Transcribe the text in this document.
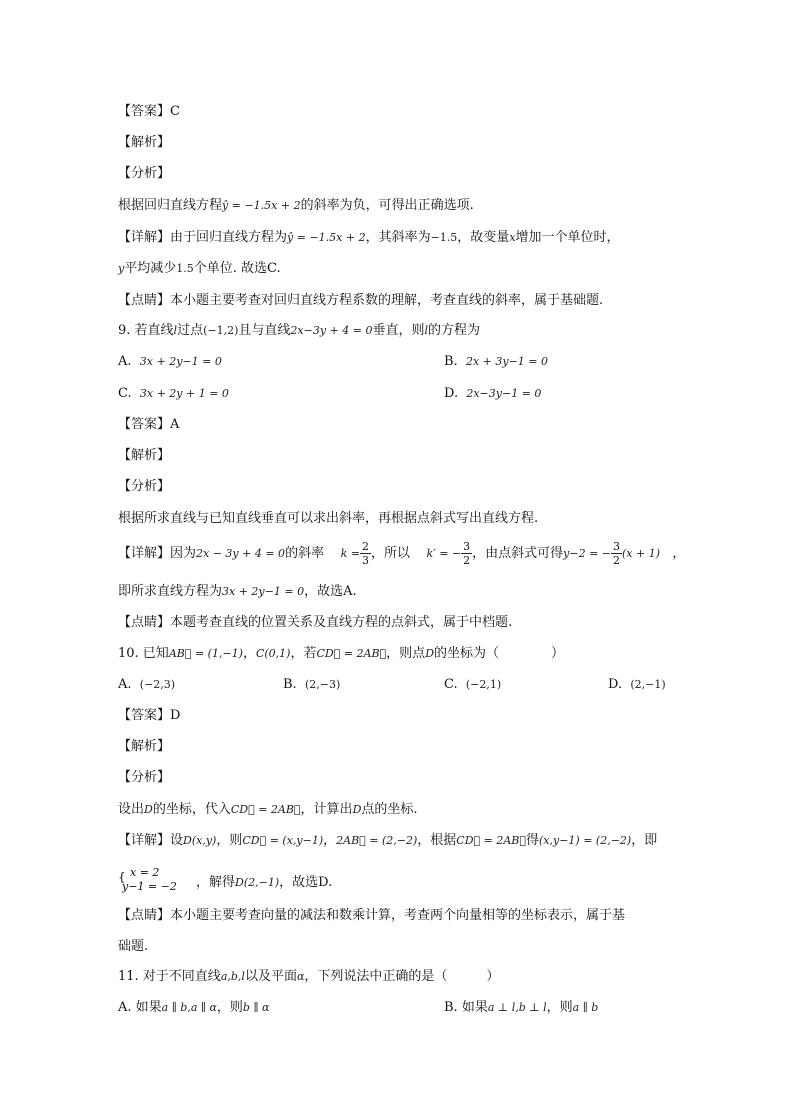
【答案】C
【解析】
【分析】
根据回归直线方程ŷ = −1.5x + 2的斜率为负，可得出正确选项.
【详解】由于回归直线方程为ŷ = −1.5x + 2，其斜率为−1.5，故变量x增加一个单位时，
y平均减少1.5个单位. 故选C.
【点睛】本小题主要考查对回归直线方程系数的理解，考查直线的斜率，属于基础题.
9. 若直线l过点(−1,2)且与直线2x−3y + 4 = 0垂直，则l的方程为
A. 3x + 2y−1 = 0	B. 2x + 3y−1 = 0
C. 3x + 2y + 1 = 0	D. 2x−3y−1 = 0
【答案】A
【解析】
【分析】
根据所求直线与已知直线垂直可以求出斜率，再根据点斜式写出直线方程.
【详解】因为2x − 3y + 4 = 0的斜率 $k = \frac{2}{3}$ ，所以 k′ = − $\frac{3}{2}$ ，由点斜式可得y−2 = − $\frac{3}{2} (x + 1)$ ，
即所求直线方程为3x + 2y−1 = 0，故选A.
【点睛】本题考查直线的位置关系及直线方程的点斜式，属于中档题.
10. 已知AB⃗ = (1,−1)，C(0,1)，若CD⃗ = 2AB⃗，则点D的坐标为（　　　　）
A. (−2,3)	B. (2,−3)	C. (−2,1)	D. (2,−1)
【答案】D
【解析】
【分析】
设出D的坐标，代入CD⃗ = 2AB⃗，计算出D点的坐标.
【详解】设D(x,y)，则CD⃗ = (x,y−1)，2AB⃗ = (2,−2)，根据CD⃗ = 2AB⃗得(x,y−1) = (2,−2)，即
{ x = 2
y−1 = −2 ，解得D(2,−1)，故选D.
【点睛】本小题主要考查向量的减法和数乘计算，考查两个向量相等的坐标表示，属于基
础题.
11. 对于不同直线a,b,l以及平面α，下列说法中正确的是（　　　）
A. 如果a ∥ b,a ∥ α，则b ∥ α	B. 如果a ⊥ l,b ⊥ l，则a ∥ b
